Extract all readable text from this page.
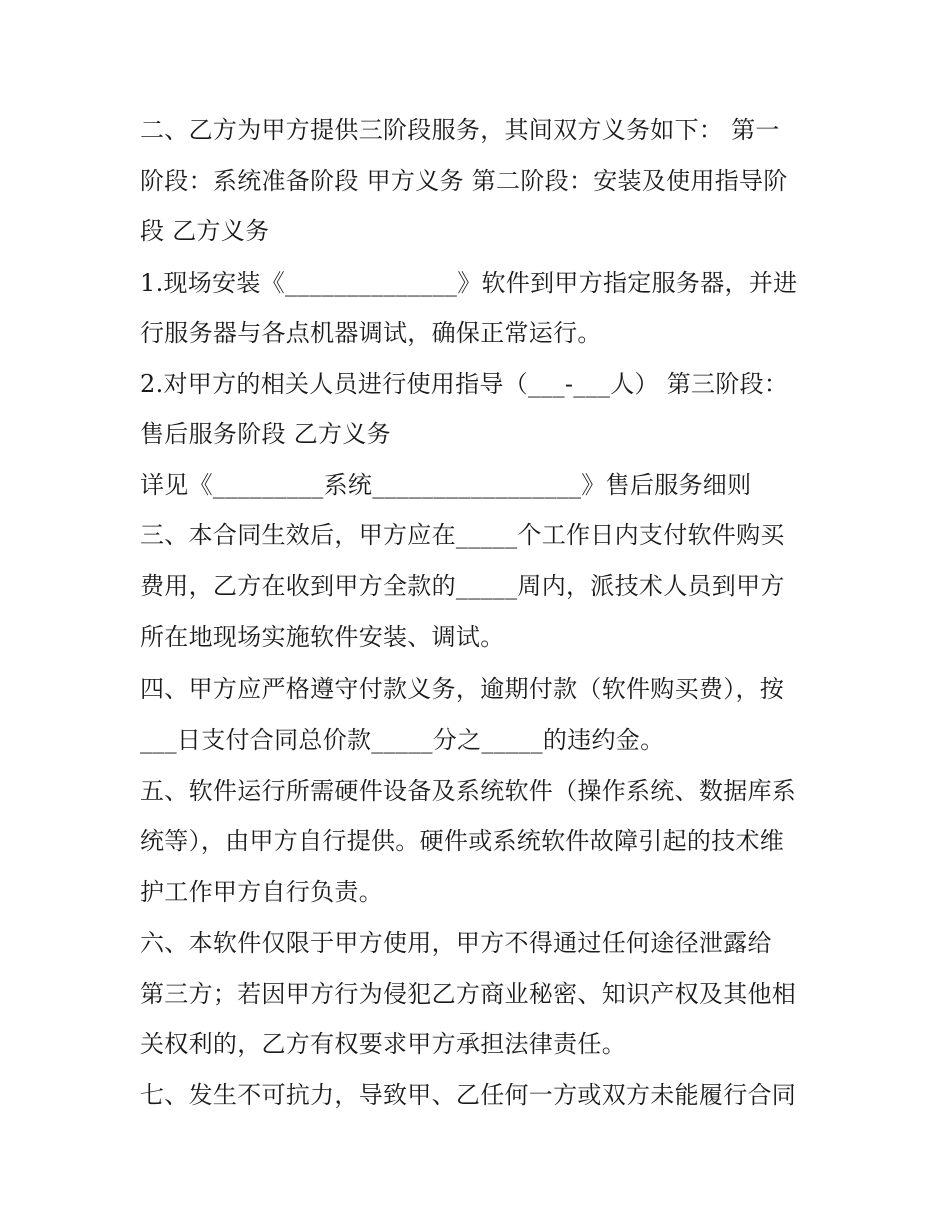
二、乙方为甲方提供三阶段服务，其间双方义务如下： 第一
阶段：系统准备阶段 甲方义务 第二阶段：安装及使用指导阶
段 乙方义务
1.现场安装《______________》软件到甲方指定服务器，并进
行服务器与各点机器调试，确保正常运行。
2.对甲方的相关人员进行使用指导（___-___人） 第三阶段：
售后服务阶段 乙方义务
详见《_________系统_________________》售后服务细则
三、本合同生效后，甲方应在_____个工作日内支付软件购买
费用，乙方在收到甲方全款的_____周内，派技术人员到甲方
所在地现场实施软件安装、调试。
四、甲方应严格遵守付款义务，逾期付款（软件购买费），按
___日支付合同总价款_____分之_____的违约金。
五、软件运行所需硬件设备及系统软件（操作系统、数据库系
统等），由甲方自行提供。硬件或系统软件故障引起的技术维
护工作甲方自行负责。
六、本软件仅限于甲方使用，甲方不得通过任何途径泄露给
第三方；若因甲方行为侵犯乙方商业秘密、知识产权及其他相
关权利的，乙方有权要求甲方承担法律责任。
七、发生不可抗力，导致甲、乙任何一方或双方未能履行合同
